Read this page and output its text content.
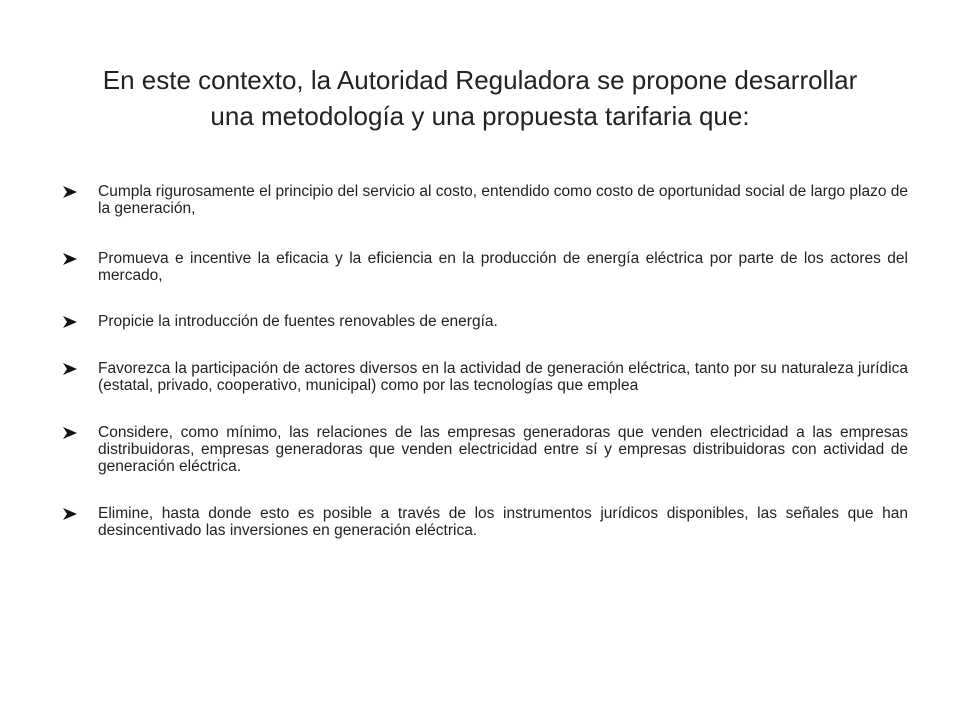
En este contexto, la Autoridad Reguladora se propone desarrollar
una metodología y una propuesta tarifaria que:
Cumpla rigurosamente el principio del servicio al costo, entendido como costo de oportunidad social de largo plazo de la generación,
Promueva e incentive la eficacia y la eficiencia en la producción de energía eléctrica por parte de los actores del mercado,
Propicie la introducción de fuentes renovables de energía.
Favorezca la participación de actores diversos en la actividad de generación eléctrica, tanto por su naturaleza jurídica (estatal, privado, cooperativo, municipal) como por las tecnologías que emplea
Considere, como mínimo, las relaciones de las empresas generadoras que venden electricidad a las empresas distribuidoras, empresas generadoras que venden electricidad entre sí y empresas distribuidoras con actividad de generación eléctrica.
Elimine, hasta donde esto es posible a través de los instrumentos jurídicos disponibles, las señales que han desincentivado las inversiones en generación eléctrica.
